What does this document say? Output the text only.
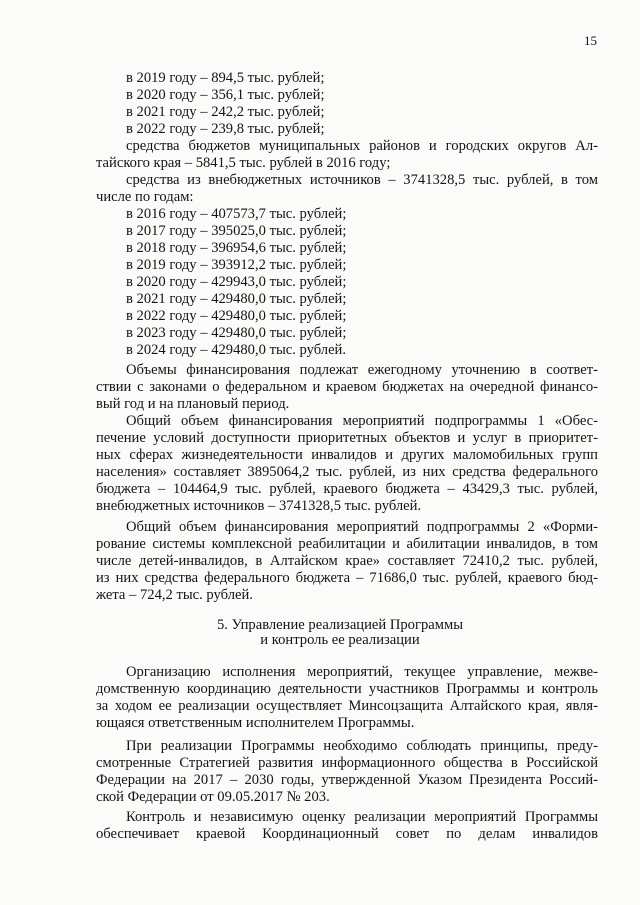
15
в 2019 году – 894,5 тыс. рублей;
в 2020 году – 356,1 тыс. рублей;
в 2021 году – 242,2 тыс. рублей;
в 2022 году – 239,8 тыс. рублей;
средства бюджетов муниципальных районов и городских округов Ал-
тайского края – 5841,5 тыс. рублей в 2016 году;
средства из внебюджетных источников – 3741328,5 тыс. рублей, в том
числе по годам:
в 2016 году – 407573,7 тыс. рублей;
в 2017 году – 395025,0 тыс. рублей;
в 2018 году – 396954,6 тыс. рублей;
в 2019 году – 393912,2 тыс. рублей;
в 2020 году – 429943,0 тыс. рублей;
в 2021 году – 429480,0 тыс. рублей;
в 2022 году – 429480,0 тыс. рублей;
в 2023 году – 429480,0 тыс. рублей;
в 2024 году – 429480,0 тыс. рублей.
Объемы финансирования подлежат ежегодному уточнению в соответ-
ствии с законами о федеральном и краевом бюджетах на очередной финансо-
вый год и на плановый период.
Общий объем финансирования мероприятий подпрограммы 1 «Обес-
печение условий доступности приоритетных объектов и услуг в приоритет-
ных сферах жизнедеятельности инвалидов и других маломобильных групп
населения» составляет 3895064,2 тыс. рублей, из них средства федерального
бюджета – 104464,9 тыс. рублей, краевого бюджета – 43429,3 тыс. рублей,
внебюджетных источников – 3741328,5 тыс. рублей.
Общий объем финансирования мероприятий подпрограммы 2 «Форми-
рование системы комплексной реабилитации и абилитации инвалидов, в том
числе детей-инвалидов, в Алтайском крае» составляет 72410,2 тыс. рублей,
из них средства федерального бюджета – 71686,0 тыс. рублей, краевого бюд-
жета – 724,2 тыс. рублей.
5. Управление реализацией Программы
и контроль ее реализации
Организацию исполнения мероприятий, текущее управление, межве-
домственную координацию деятельности участников Программы и контроль
за ходом ее реализации осуществляет Минсоцзащита Алтайского края, явля-
ющаяся ответственным исполнителем Программы.
При реализации Программы необходимо соблюдать принципы, преду-
смотренные Стратегией развития информационного общества в Российской
Федерации на 2017 – 2030 годы, утвержденной Указом Президента Россий-
ской Федерации от 09.05.2017 № 203.
Контроль и независимую оценку реализации мероприятий Программы
обеспечивает краевой Координационный совет по делам инвалидов
